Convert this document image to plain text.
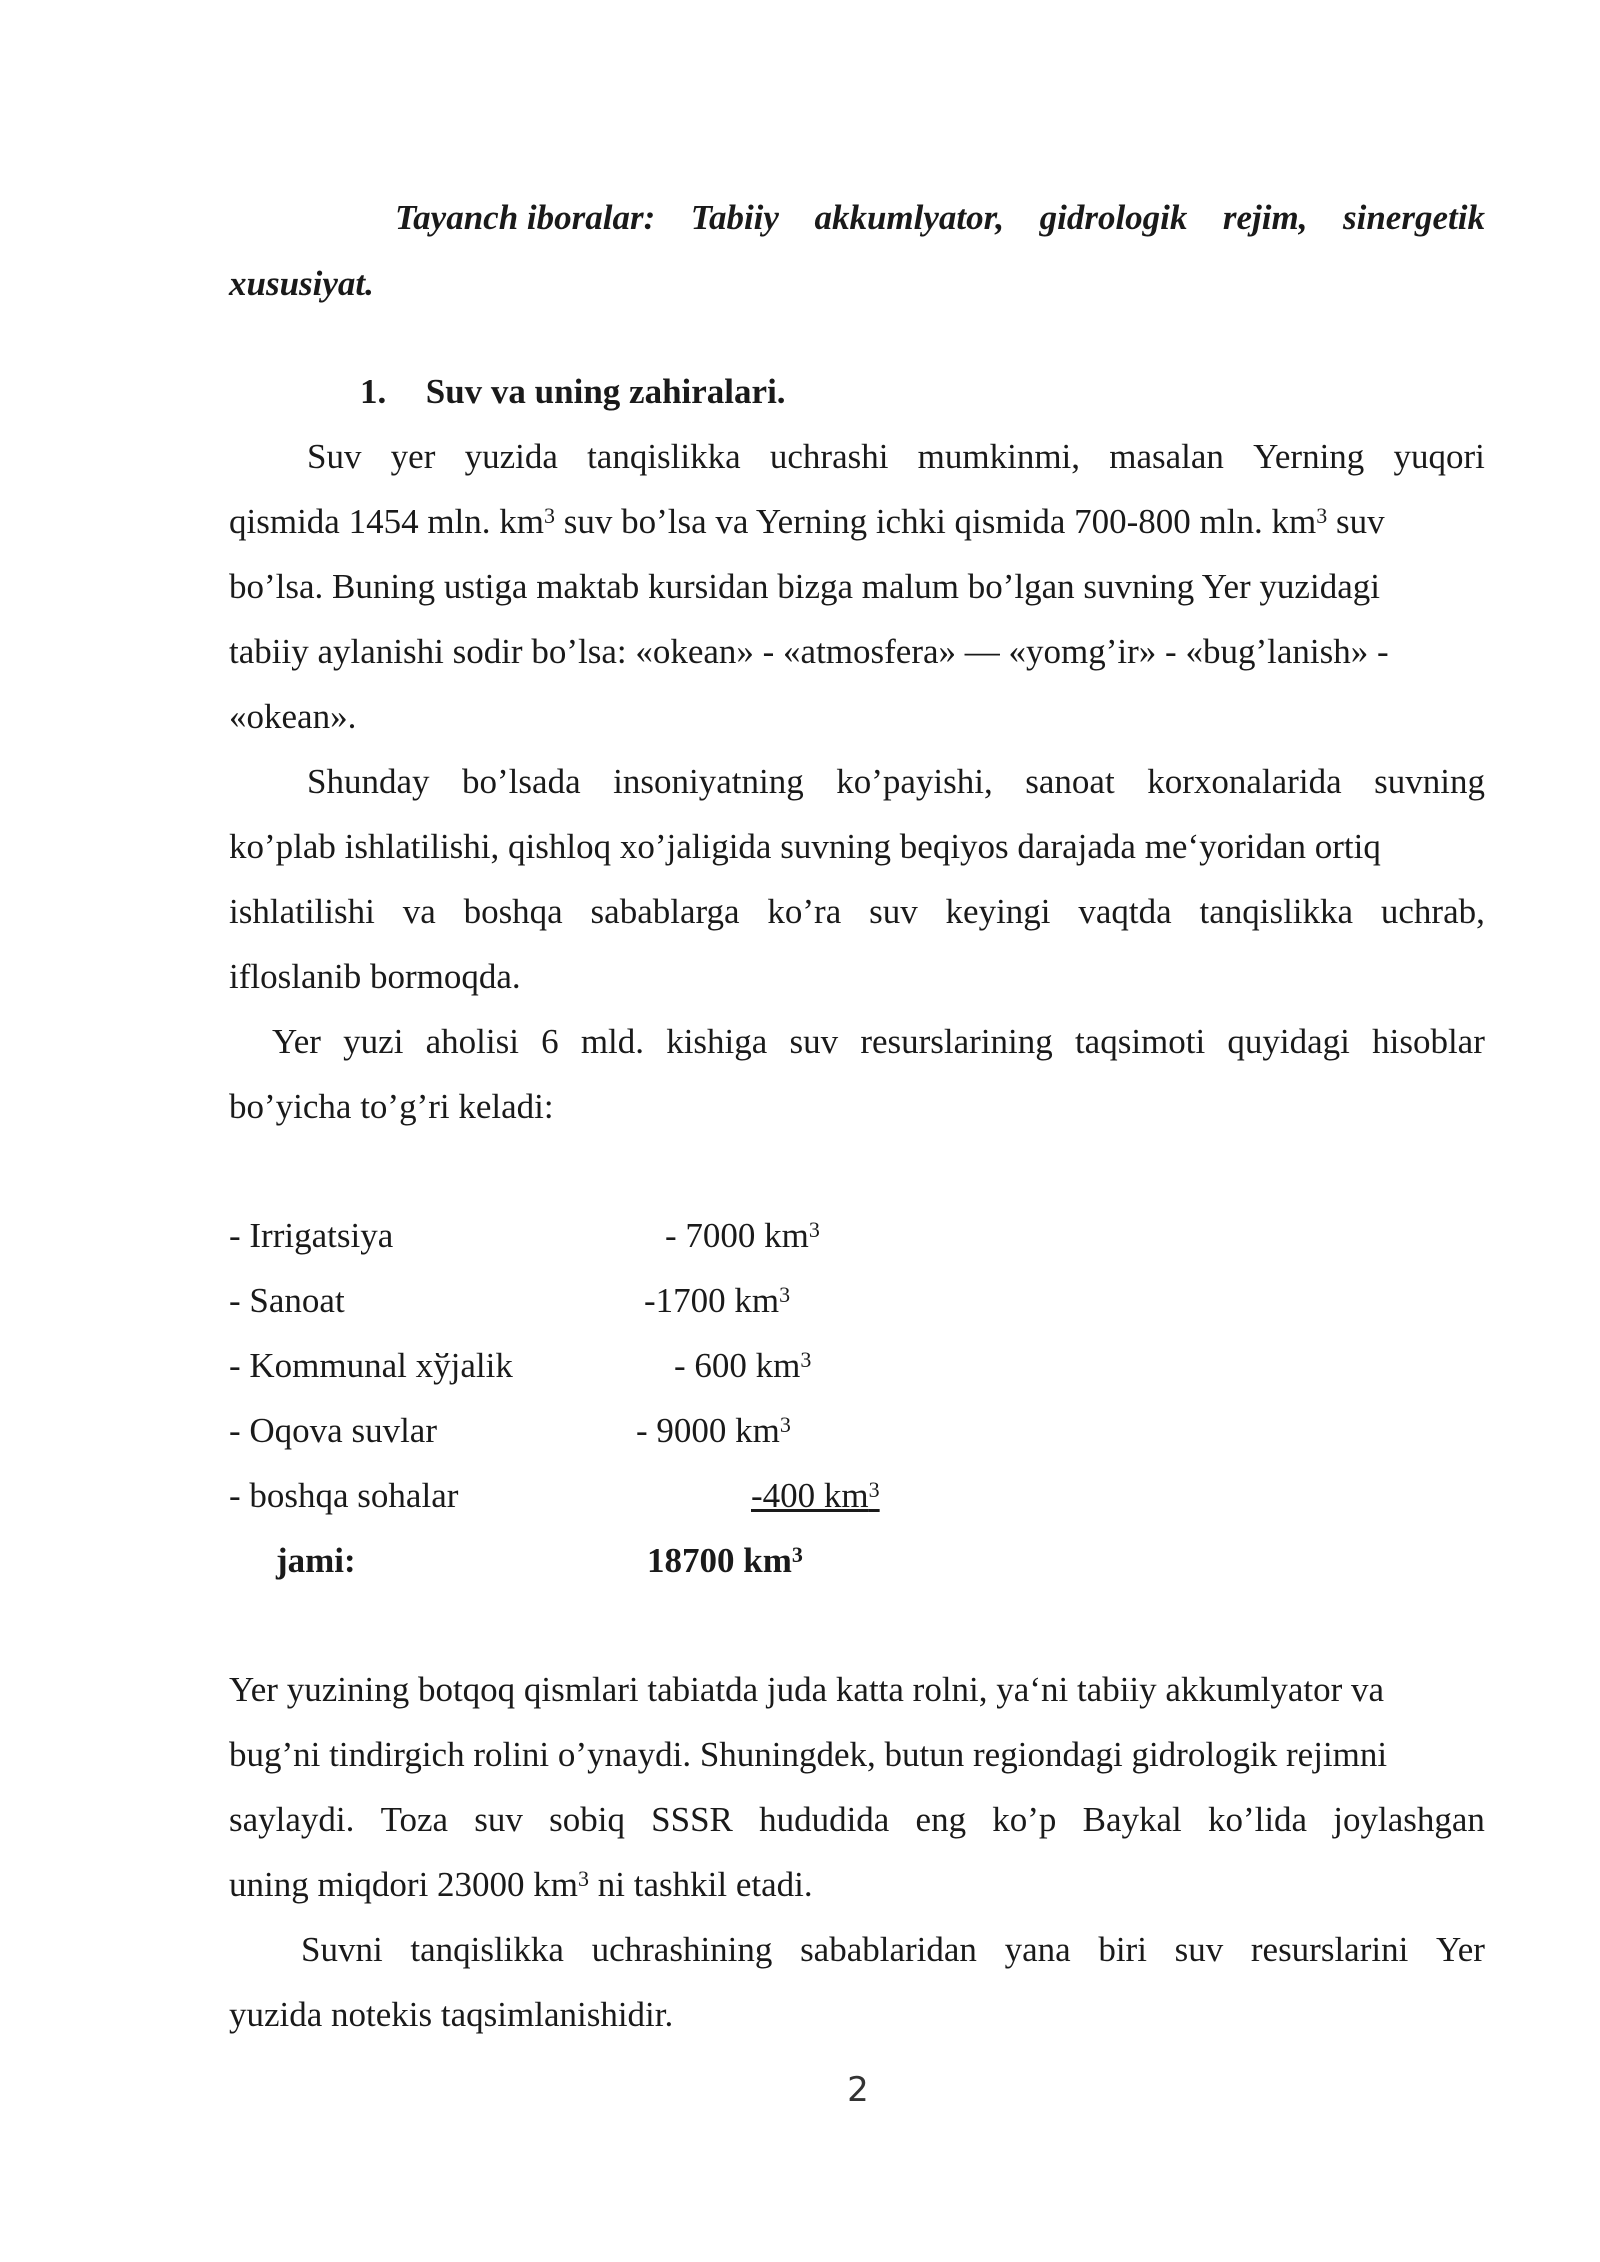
Tayanch iboralar: Tabiiy akkumlyator, gidrologik rejim, sinergetik
xususiyat.
1. Suv va uning zahiralari.
Suv yer yuzida tanqislikka uchrashi mumkinmi, masalan Yerning yuqori
qismida 1454 mln. $km^3$ suv bo’lsa va Yerning ichki qismida 700-800 mln. $km^3$ suv
bo’lsa. Buning ustiga maktab kursidan bizga malum bo’lgan suvning Yer yuzidagi
tabiiy aylanishi sodir bo’lsa: «okean» - «atmosfera» — «yomg’ir» - «bug’lanish» -
«okean».
Shunday bo’lsada insoniyatning ko’payishi, sanoat korxonalarida suvning
ko’plab ishlatilishi, qishloq xo’jaligida suvning beqiyos darajada me‘yoridan ortiq
ishlatilishi va boshqa sabablarga ko’ra suv keyingi vaqtda tanqislikka uchrab,
ifloslanib bormoqda.
Yer yuzi aholisi 6 mld. kishiga suv resurslarining taqsimoti quyidagi hisoblar
bo’yicha to’g’ri keladi:
- Irrigatsiya	- 7000 $km^3$
- Sanoat	-1700 $km^3$
- Kommunal xўjalik	- 600 $km^3$
- Oqova suvlar	- 9000 $km^3$
- boshqa sohalar	-400 $km^3$
jami:	18700 $km^3$
Yer yuzining botqoq qismlari tabiatda juda katta rolni, ya‘ni tabiiy akkumlyator va
bug’ni tindirgich rolini o’ynaydi. Shuningdek, butun regiondagi gidrologik rejimni
saylaydi. Toza suv sobiq SSSR hududida eng ko’p Baykal ko’lida joylashgan
uning miqdori 23000 $km^3$ ni tashkil etadi.
Suvni tanqislikka uchrashining sabablaridan yana biri suv resurslarini Yer
yuzida notekis taqsimlanishidir.
2
